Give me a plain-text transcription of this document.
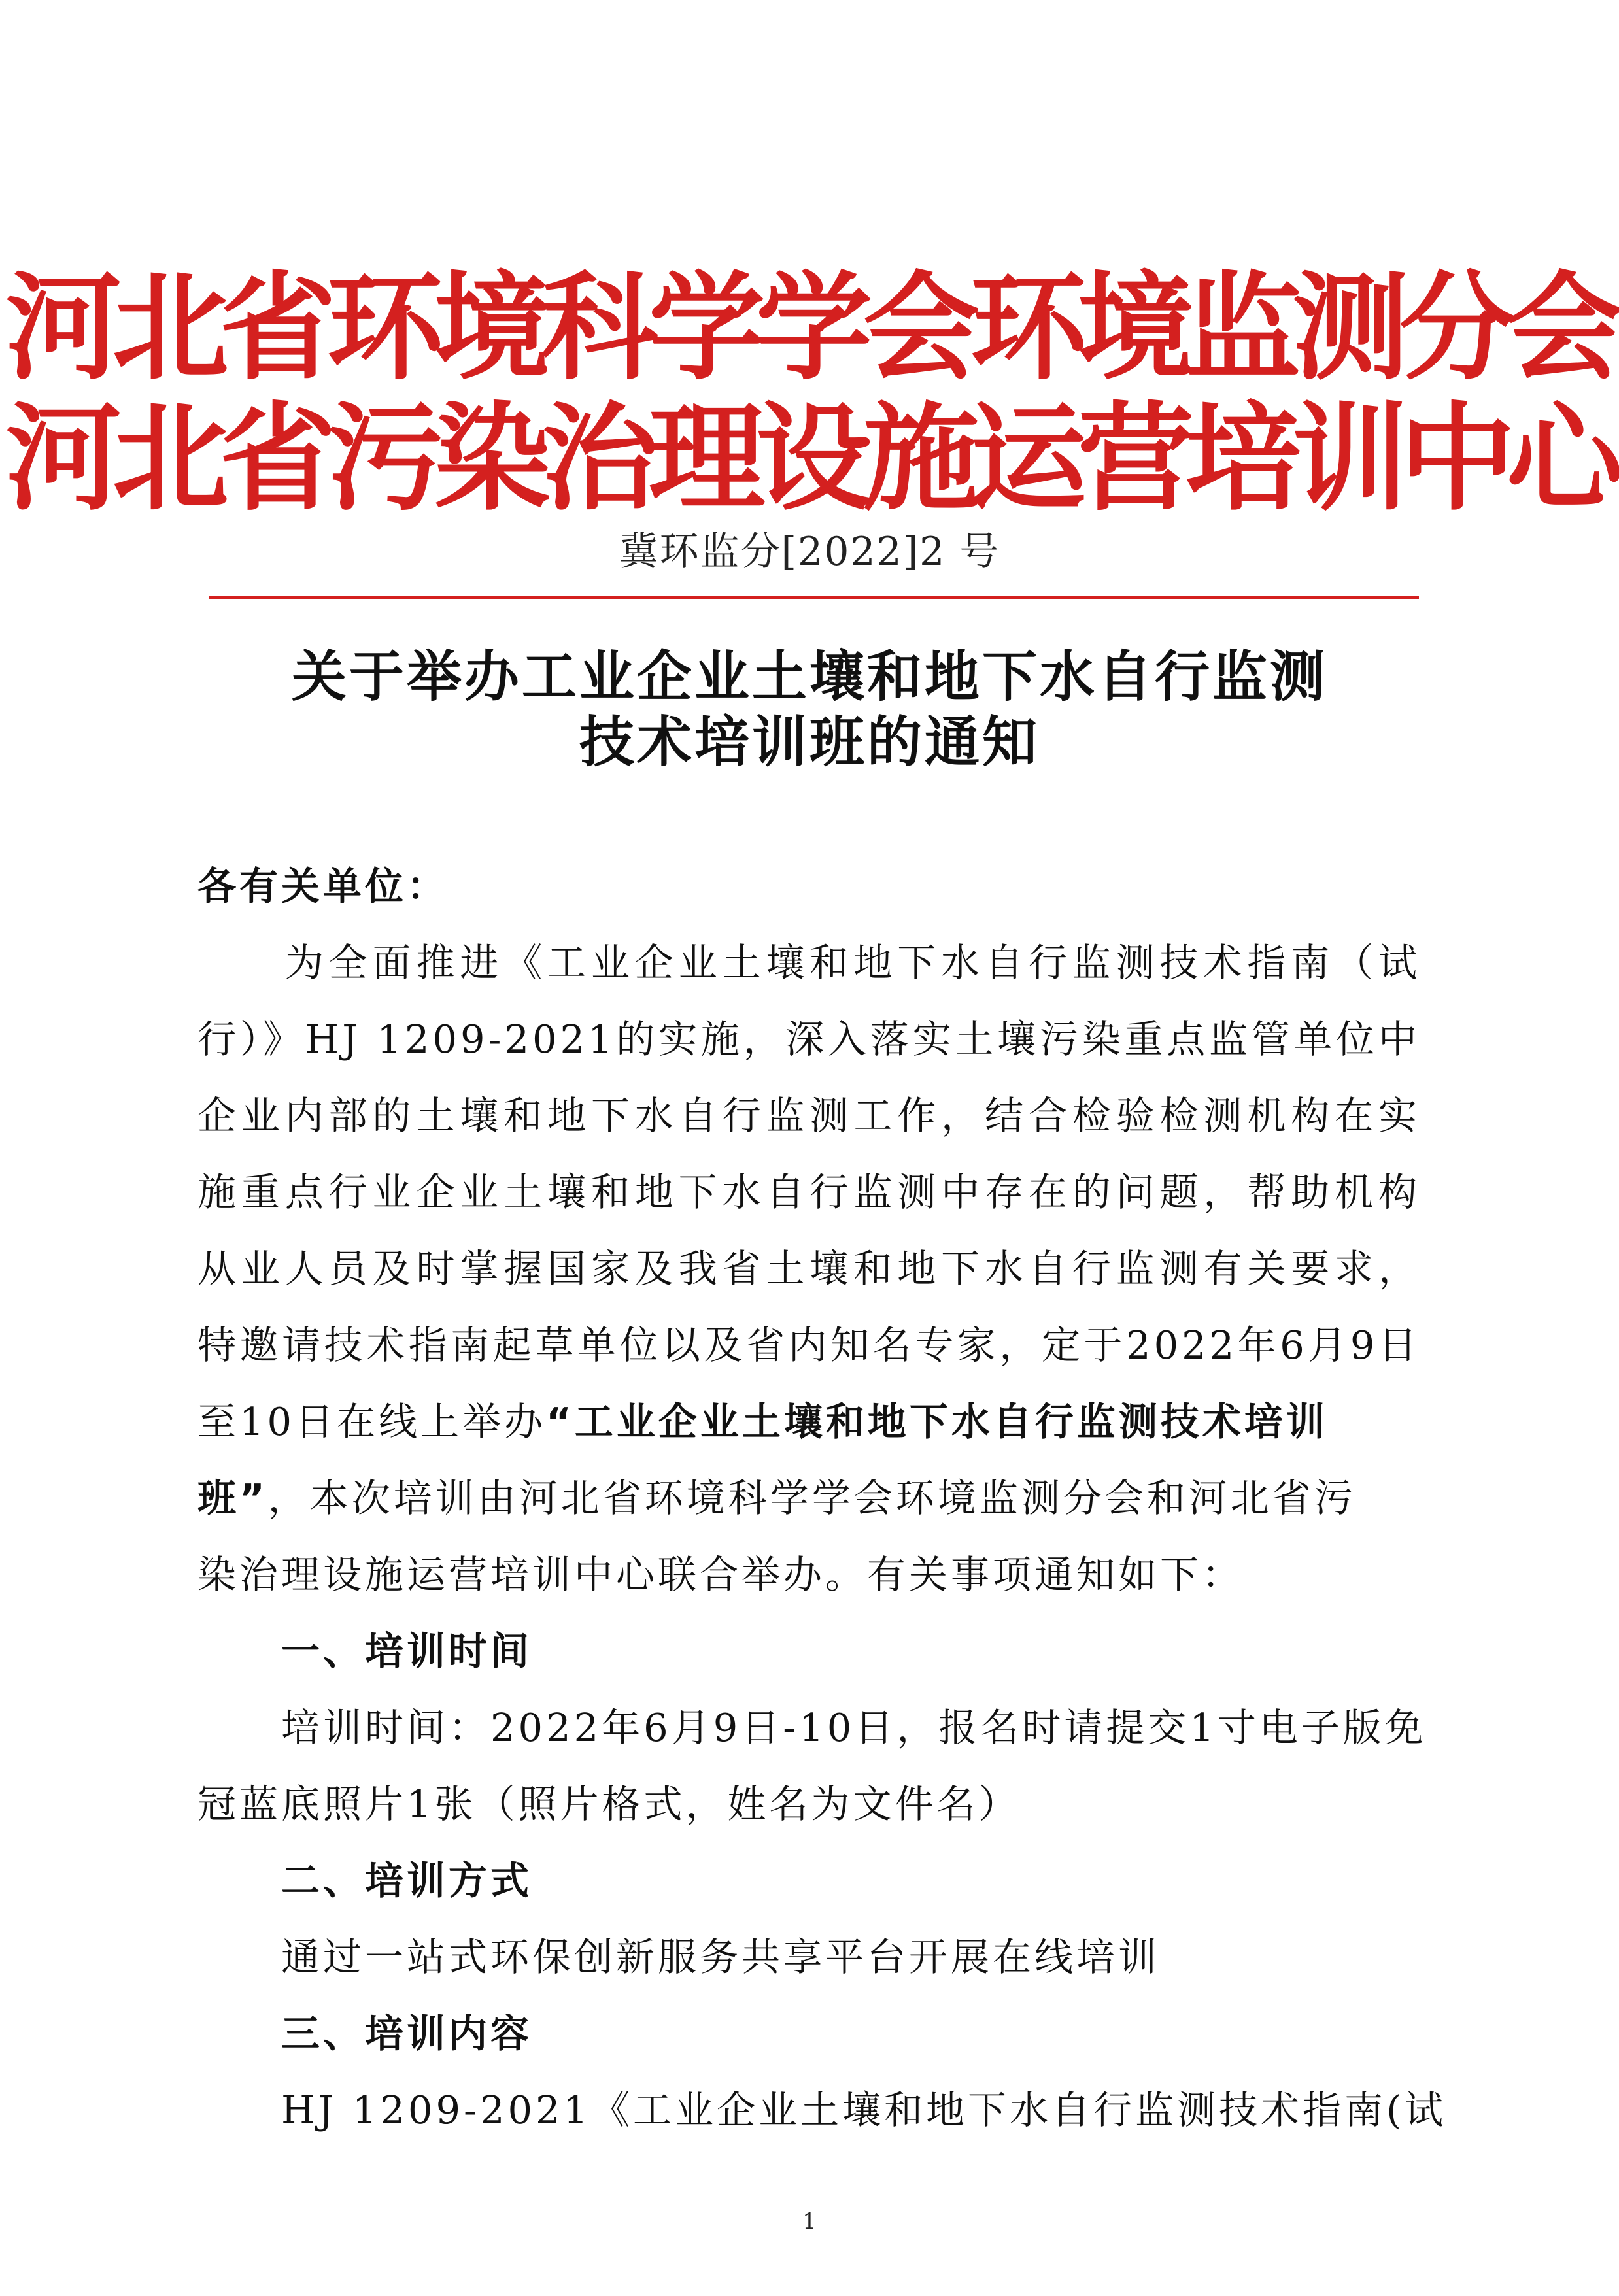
河北省环境科学学会环境监测分会
河北省污染治理设施运营培训中心
冀环监分[2022]2 号
关于举办工业企业土壤和地下水自行监测
技术培训班的通知
各有关单位：
　　为全面推进《工业企业土壤和地下水自行监测技术指南（试
行）》HJ 1209-2021的实施，深入落实土壤污染重点监管单位中
企业内部的土壤和地下水自行监测工作，结合检验检测机构在实
施重点行业企业土壤和地下水自行监测中存在的问题，帮助机构
从业人员及时掌握国家及我省土壤和地下水自行监测有关要求，
特邀请技术指南起草单位以及省内知名专家，定于2022年6月9日
至10日在线上举办“工业企业土壤和地下水自行监测技术培训
班”，本次培训由河北省环境科学学会环境监测分会和河北省污
染治理设施运营培训中心联合举办。有关事项通知如下：
　　一、培训时间
　　培训时间：2022年6月9日-10日，报名时请提交1寸电子版免
冠蓝底照片1张（照片格式，姓名为文件名）
　　二、培训方式
　　通过一站式环保创新服务共享平台开展在线培训
　　三、培训内容
　　HJ 1209-2021《工业企业土壤和地下水自行监测技术指南(试
1
